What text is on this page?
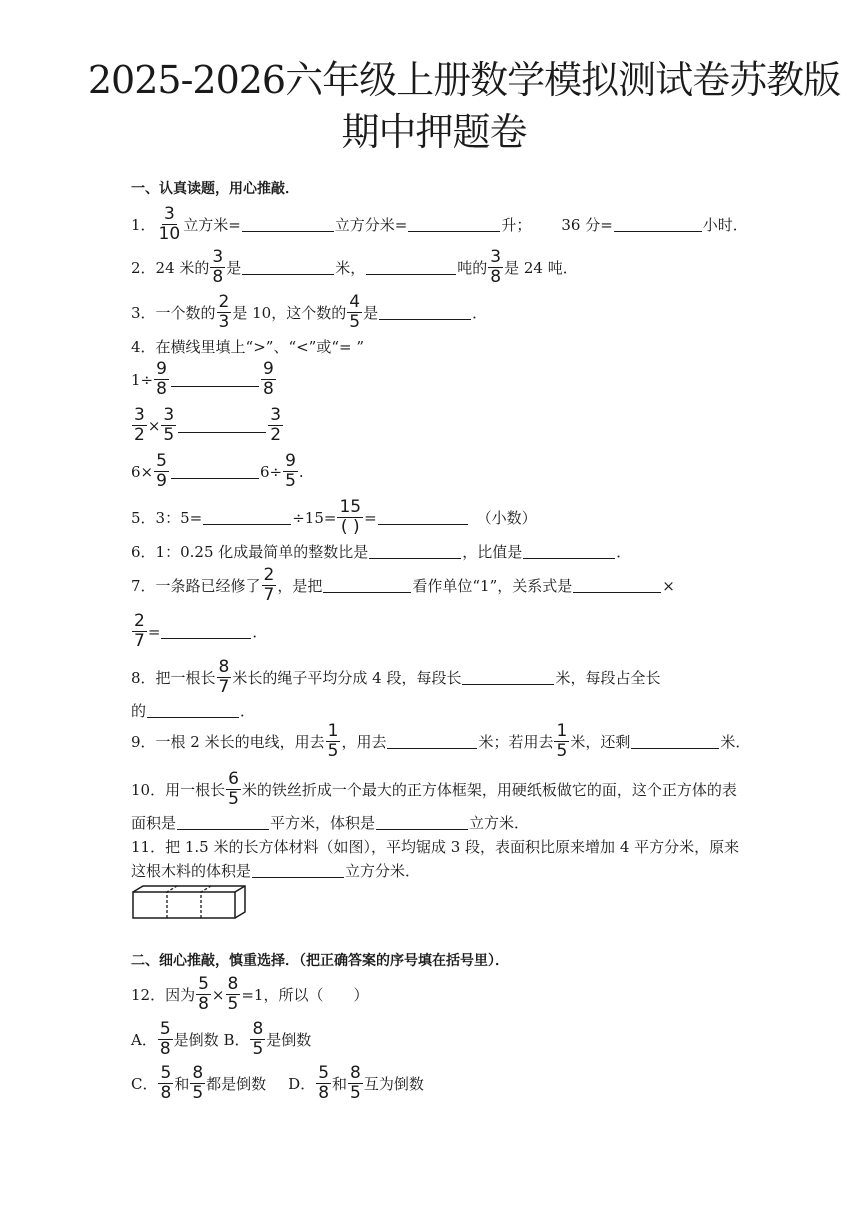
2025-2026六年级上册数学模拟测试卷苏教版
期中押题卷
一、认真读题，用心推敲．
1． $\frac{3}{10}$ 立方米=	立方分米=	升； 36 分=	小时．
2．24 米的 $\frac{3}{8}$ 是	米，	吨的 $\frac{3}{8}$ 是 24 吨．
3．一个数的 $\frac{2}{3}$ 是 10，这个数的 $\frac{4}{5}$ 是	．
4．在横线里填上“>”、“<”或“= ”
$1\div \frac{9}{8}$	$\frac{9}{8}$
$\frac{3}{2} \times \frac{3}{5}$	$\frac{3}{2}$
$6\times \frac{5}{9}$	$6\div \frac{9}{5}$ .
5．3：5=	$\div 15= \frac{15}{( )}$ =	（小数）
6．1：0.25 化成最简单的整数比是	，比值是	．
7．一条路已经修了 $\frac{2}{7}$ ，是把	看作单位“1”，关系式是	×
$\frac{2}{7}$ =	．
8．把一根长 $\frac{8}{7}$ 米长的绳子平均分成 4 段，每段长	米，每段占全长
的	．
9．一根 2 米长的电线，用去 $\frac{1}{5}$ ，用去	米；若用去 $\frac{1}{5}$ 米，还剩	米．
10．用一根长 $\frac{6}{5}$ 米的铁丝折成一个最大的正方体框架，用硬纸板做它的面，这个正方体的表
面积是	平方米，体积是	立方米．
11．把 1.5 米的长方体材料（如图），平均锯成 3 段，表面积比原来增加 4 平方分米，原来
这根木料的体积是	立方分米．
二、细心推敲，慎重选择．（把正确答案的序号填在括号里）．
12．因为 $\frac{5}{8} \times \frac{8}{5} =1$，所以（　　）
A． $\frac{5}{8}$ 是倒数 B． $\frac{8}{5}$ 是倒数
C． $\frac{5}{8}$ 和 $\frac{8}{5}$ 都是倒数 D． $\frac{5}{8}$ 和 $\frac{8}{5}$ 互为倒数
